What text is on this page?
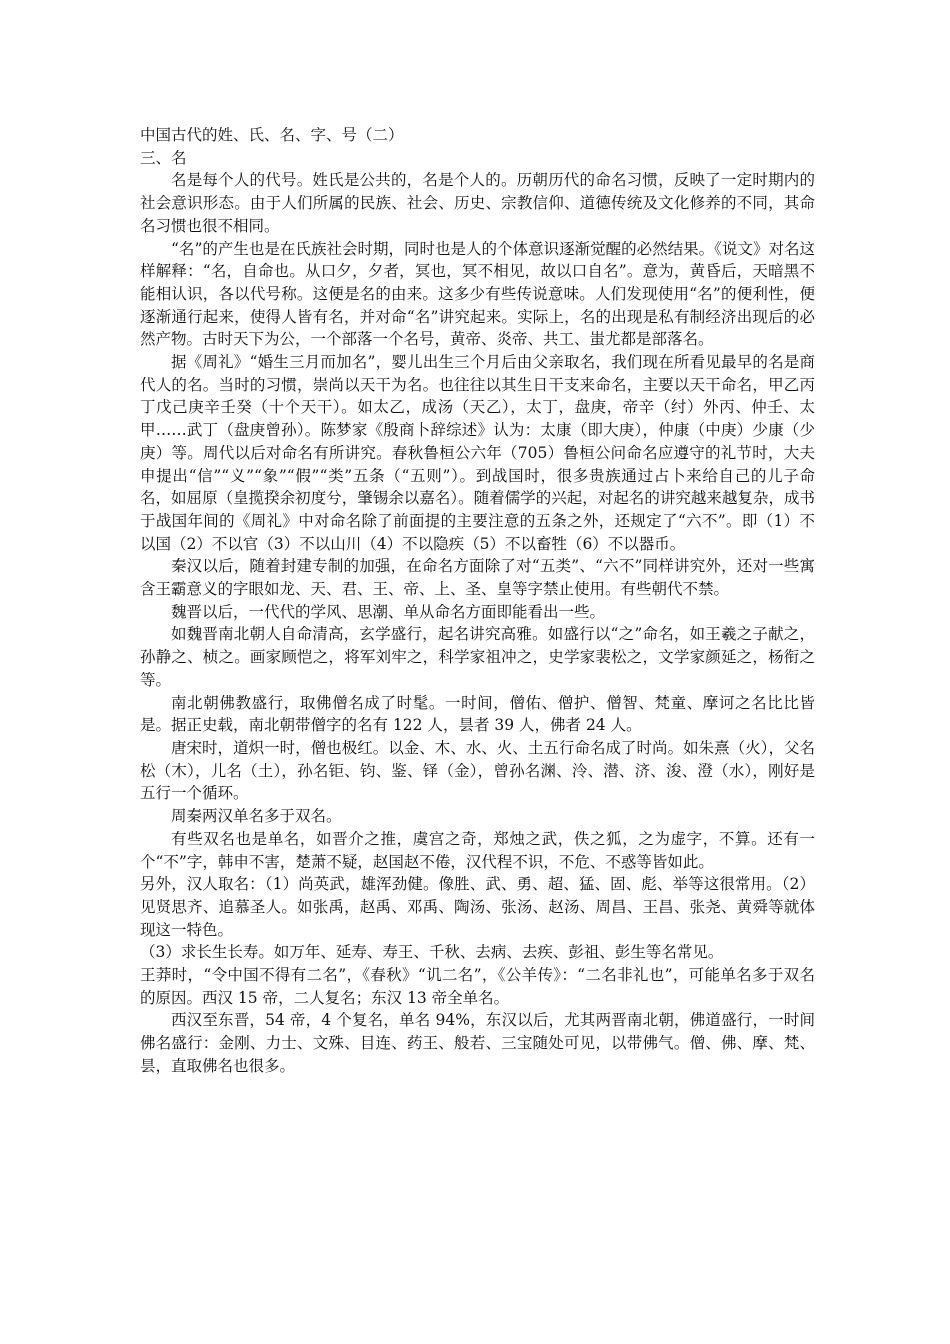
中国古代的姓、氏、名、字、号（二）

三、名

名是每个人的代号。姓氏是公共的，名是个人的。历朝历代的命名习惯，反映了一定时期内的社会意识形态。由于人们所属的民族、社会、历史、宗教信仰、道德传统及文化修养的不同，其命名习惯也很不相同。

“名”的产生也是在氏族社会时期，同时也是人的个体意识逐渐觉醒的必然结果。《说文》对名这样解释：“名，自命也。从口夕，夕者，冥也，冥不相见，故以口自名”。意为，黄昏后，天暗黑不能相认识，各以代号称。这便是名的由来。这多少有些传说意味。人们发现使用“名”的便利性，便逐渐通行起来，使得人皆有名，并对命“名”讲究起来。实际上，名的出现是私有制经济出现后的必然产物。古时天下为公，一个部落一个名号，黄帝、炎帝、共工、蚩尤都是部落名。

据《周礼》“婚生三月而加名”，婴儿出生三个月后由父亲取名，我们现在所看见最早的名是商代人的名。当时的习惯，崇尚以天干为名。也往往以其生日干支来命名，主要以天干命名，甲乙丙丁戊己庚辛壬癸（十个天干）。如太乙，成汤（天乙），太丁，盘庚，帝辛（纣）外丙、仲壬、太甲……武丁（盘庚曾孙）。陈梦家《殷商卜辞综述》认为：太康（即大庚），仲康（中庚）少康（少庚）等。周代以后对命名有所讲究。春秋鲁桓公六年（705）鲁桓公问命名应遵守的礼节时，大夫申提出“信”“义”“象”“假”“类”五条（“五则”）。到战国时，很多贵族通过占卜来给自己的儿子命名，如屈原（皇揽揆余初度兮，肇锡余以嘉名）。随着儒学的兴起，对起名的讲究越来越复杂，成书于战国年间的《周礼》中对命名除了前面提的主要注意的五条之外，还规定了“六不”。即（1）不以国（2）不以官（3）不以山川（4）不以隐疾（5）不以畜牲（6）不以器币。

秦汉以后，随着封建专制的加强，在命名方面除了对“五类”、“六不”同样讲究外，还对一些寓含王霸意义的字眼如龙、天、君、王、帝、上、圣、皇等字禁止使用。有些朝代不禁。

魏晋以后，一代代的学风、思潮、单从命名方面即能看出一些。

如魏晋南北朝人自命清高，玄学盛行，起名讲究高雅。如盛行以“之”命名，如王羲之子献之，孙静之、桢之。画家顾恺之，将军刘牢之，科学家祖冲之，史学家裴松之，文学家颜延之，杨衔之等。

南北朝佛教盛行，取佛僧名成了时髦。一时间，僧佑、僧护、僧智、梵童、摩诃之名比比皆是。据正史载，南北朝带僧字的名有 122 人，昙者 39 人，佛者 24 人。

唐宋时，道炽一时，僧也极红。以金、木、水、火、土五行命名成了时尚。如朱熹（火），父名松（木），儿名（土），孙名钜、钧、鉴、铎（金），曾孙名渊、泠、潜、济、浚、澄（水），刚好是五行一个循环。

周秦两汉单名多于双名。

有些双名也是单名，如晋介之推，虞宫之奇，郑烛之武，佚之狐，之为虚字，不算。还有一个“不”字，韩申不害，楚萧不疑，赵国赵不倦，汉代程不识，不危、不惑等皆如此。

另外，汉人取名：（1）尚英武，雄浑劲健。像胜、武、勇、超、猛、固、彪、举等这很常用。（2）见贤思齐、追慕圣人。如张禹，赵禹、邓禹、陶汤、张汤、赵汤、周昌、王昌、张尧、黄舜等就体现这一特色。

（3）求长生长寿。如万年、延寿、寿王、千秋、去病、去疾、彭祖、彭生等名常见。

王莽时，“令中国不得有二名”，《春秋》“讥二名”，《公羊传》：“二名非礼也”，可能单名多于双名的原因。西汉 15 帝，二人复名；东汉 13 帝全单名。

西汉至东晋，54 帝，4 个复名，单名 94%，东汉以后，尤其两晋南北朝，佛道盛行，一时间佛名盛行：金刚、力士、文殊、目连、药王、般若、三宝随处可见，以带佛气。僧、佛、摩、梵、昙，直取佛名也很多。
